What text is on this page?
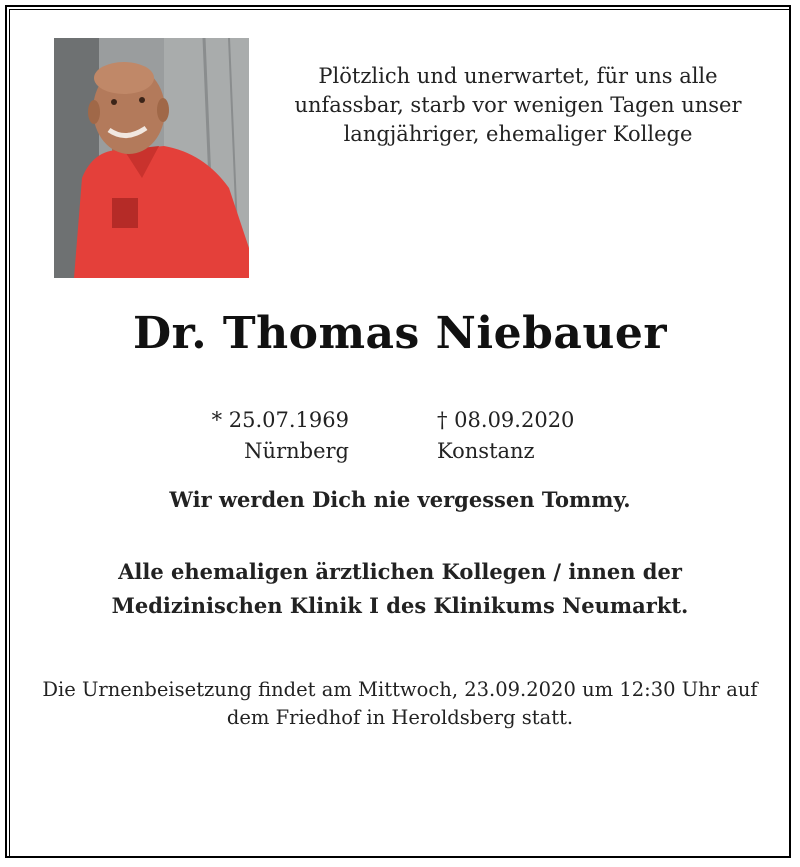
Plötzlich und unerwartet, für uns alle
unfassbar, starb vor wenigen Tagen unser
langjähriger, ehemaliger Kollege
Dr. Thomas Niebauer
* 25.07.1969
Nürnberg
† 08.09.2020
Konstanz
Wir werden Dich nie vergessen Tommy.
Alle ehemaligen ärztlichen Kollegen / innen der
Medizinischen Klinik I des Klinikums Neumarkt.
Die Urnenbeisetzung findet am Mittwoch, 23.09.2020 um 12:30 Uhr auf
dem Friedhof in Heroldsberg statt.
